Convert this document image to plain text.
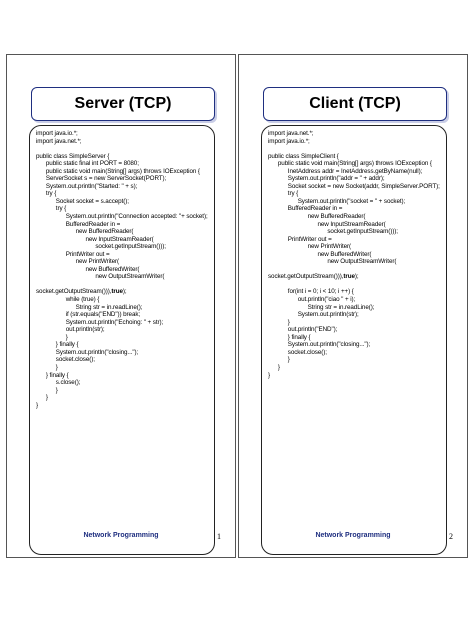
Server (TCP)
import java.io.*;
import java.net.*;

public class SimpleServer {
public static final int PORT = 8080;
public static void main(String[] args) throws IOException {
ServerSocket s = new ServerSocket(PORT);
System.out.println("Started: " + s);
try {
Socket socket = s.accept();
try {
System.out.println("Connection accepted: "+ socket);
BufferedReader in =
new BufferedReader(
new InputStreamReader(
socket.getInputStream()));
PrintWriter out =
new PrintWriter(
new BufferedWriter(
new OutputStreamWriter(

socket.getOutputStream())),true);
while (true) {
String str = in.readLine();
if (str.equals("END")) break;
System.out.println("Echoing: " + str);
out.println(str);
}
} finally {
System.out.println("closing...");
socket.close();
}
} finally {
s.close();
}
}
}
Network Programming	1
Client (TCP)
import java.net.*;
import java.io.*;

public class SimpleClient {
public static void main(String[] args) throws IOException {
InetAddress addr = InetAddress.getByName(null);
System.out.println("addr = " + addr);
Socket socket = new Socket(addr, SimpleServer.PORT);
try {
System.out.println("socket = " + socket);
BufferedReader in =
new BufferedReader(
new InputStreamReader(
socket.getInputStream()));
PrintWriter out =
new PrintWriter(
new BufferedWriter(
new OutputStreamWriter(

socket.getOutputStream())),true);

for(int i = 0; i < 10; i ++) {
out.println("ciao " + i);
String str = in.readLine();
System.out.println(str);
}
out.println("END");
} finally {
System.out.println("closing...");
socket.close();
}
}
}
Network Programming	2
